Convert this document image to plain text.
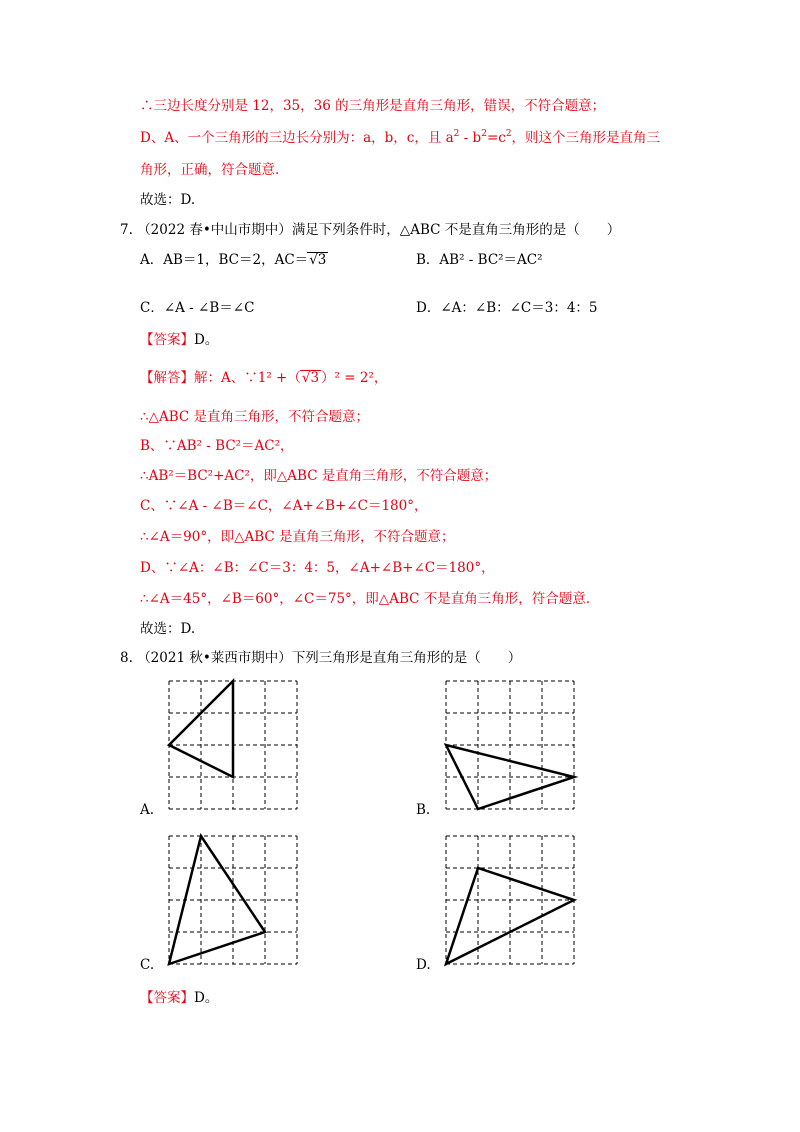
∴三边长度分别是 12，35，36 的三角形是直角三角形，错误，不符合题意；
D、A、一个三角形的三边长分别为：a，b，c，且 $a^2 - b^2=c^2$，则这个三角形是直角三
角形，正确，符合题意.
故选：D.
7. （2022 春•中山市期中）满足下列条件时，△ABC 不是直角三角形的是（　　）
A．AB＝1，BC＝2，AC＝√3	B．AB² - BC²＝AC²
C．∠A - ∠B＝∠C	D．∠A：∠B：∠C＝3：4：5
【答案】D。
【解答】解：A、∵1² +（√3 ）² = 2²，
∴△ABC 是直角三角形，不符合题意；
B、∵AB² - BC²＝AC²，
∴AB²＝BC²+AC²，即△ABC 是直角三角形，不符合题意；
C、∵∠A - ∠B＝∠C，∠A+∠B+∠C＝180°，
∴∠A＝90°，即△ABC 是直角三角形，不符合题意；
D、∵∠A：∠B：∠C＝3：4：5，∠A+∠B+∠C＝180°，
∴∠A＝45°，∠B＝60°，∠C＝75°，即△ABC 不是直角三角形，符合题意.
故选：D.
8. （2021 秋•莱西市期中）下列三角形是直角三角形的是（　　）
A.	B.
C.	D.
【答案】D。
